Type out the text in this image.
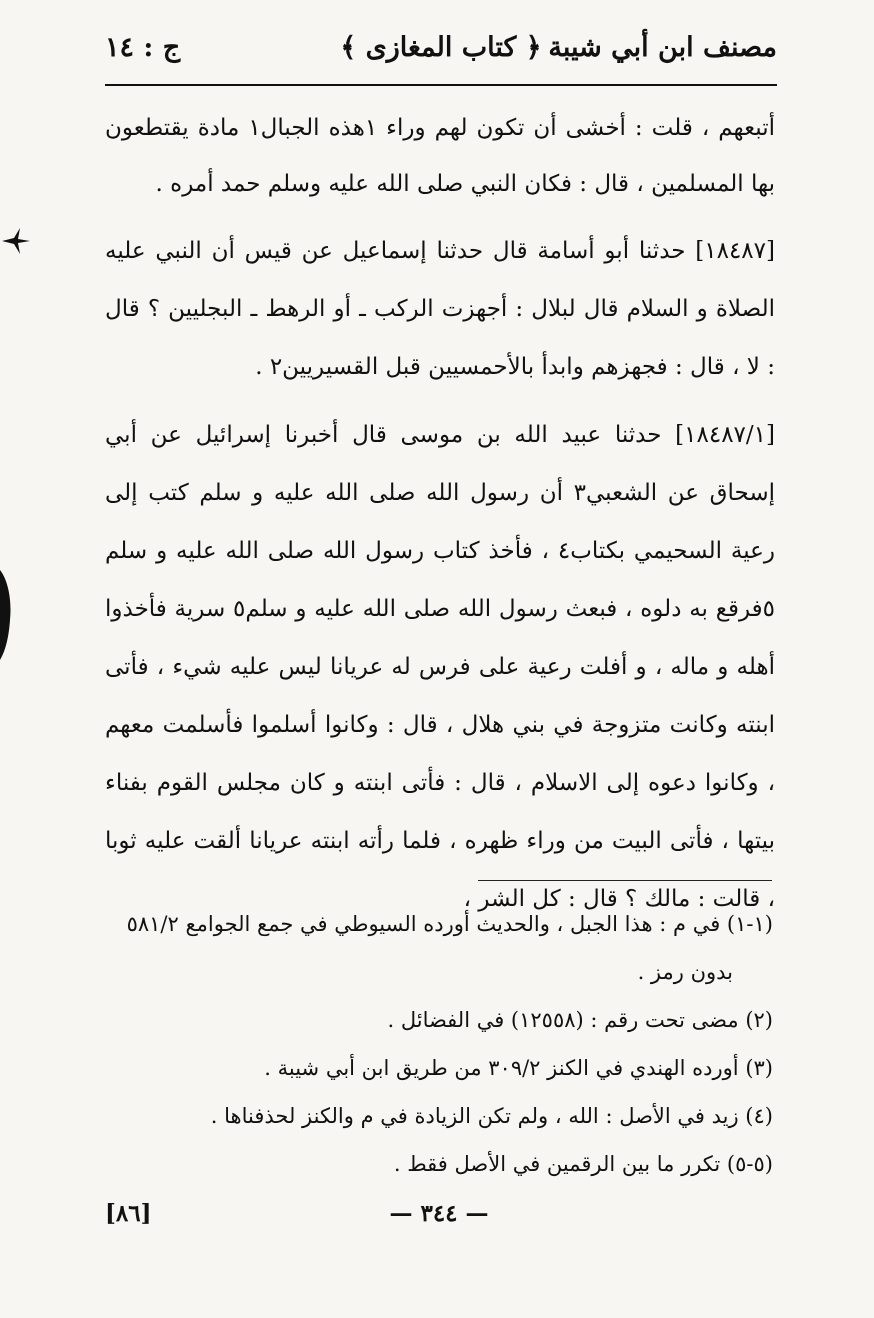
مصنف ابن أبي شيبة
﴿ كتاب المغازى ﴾
ج : ١٤

أتبعهم ، قلت : أخشى أن تكون لهم وراء ١هذه الجبال١ مادة يقتطعون بها المسلمين ، قال : فكان النبي صلى الله عليه وسلم حمد أمره .

[١٨٤٨٧] حدثنا أبو أسامة قال حدثنا إسماعيل عن قيس أن النبي عليه الصلاة و السلام قال لبلال : أجهزت الركب ـ أو الرهط ـ البجليين ؟ قال : لا ، قال : فجهزهم وابدأ بالأحمسيين قبل القسيريين٢ .

[١٨٤٨٧/١] حدثنا عبيد الله بن موسى قال أخبرنا إسرائيل عن أبي إسحاق عن الشعبي٣ أن رسول الله صلى الله عليه و سلم كتب إلى رعية السحيمي بكتاب٤ ، فأخذ كتاب رسول الله صلى الله عليه و سلم ٥فرقع به دلوه ، فبعث رسول الله صلى الله عليه و سلم٥ سرية فأخذوا أهله و ماله ، و أفلت رعية على فرس له عريانا ليس عليه شيء ، فأتى ابنته وكانت متزوجة في بني هلال ، قال : وكانوا أسلموا فأسلمت معهم ، وكانوا دعوه إلى الاسلام ، قال : فأتى ابنته و كان مجلس القوم بفناء بيتها ، فأتى البيت من وراء ظهره ، فلما رأته ابنته عريانا ألقت عليه ثوبا ، قالت : مالك ؟ قال : كل الشر ،

(١-١) في م : هذا الجبل ، والحديث أورده السيوطي في جمع الجوامع ٥٨١/٢

بدون رمز .

(٢) مضى تحت رقم : (١٢٥٥٨) في الفضائل .

(٣) أورده الهندي في الكنز ٣٠٩/٢ من طريق ابن أبي شيبة .

(٤) زيد في الأصل : الله ، ولم تكن الزيادة في م والكنز لحذفناها .

(٥-٥) تكرر ما بين الرقمين في الأصل فقط .

— ٣٤٤ —
[٨٦]
